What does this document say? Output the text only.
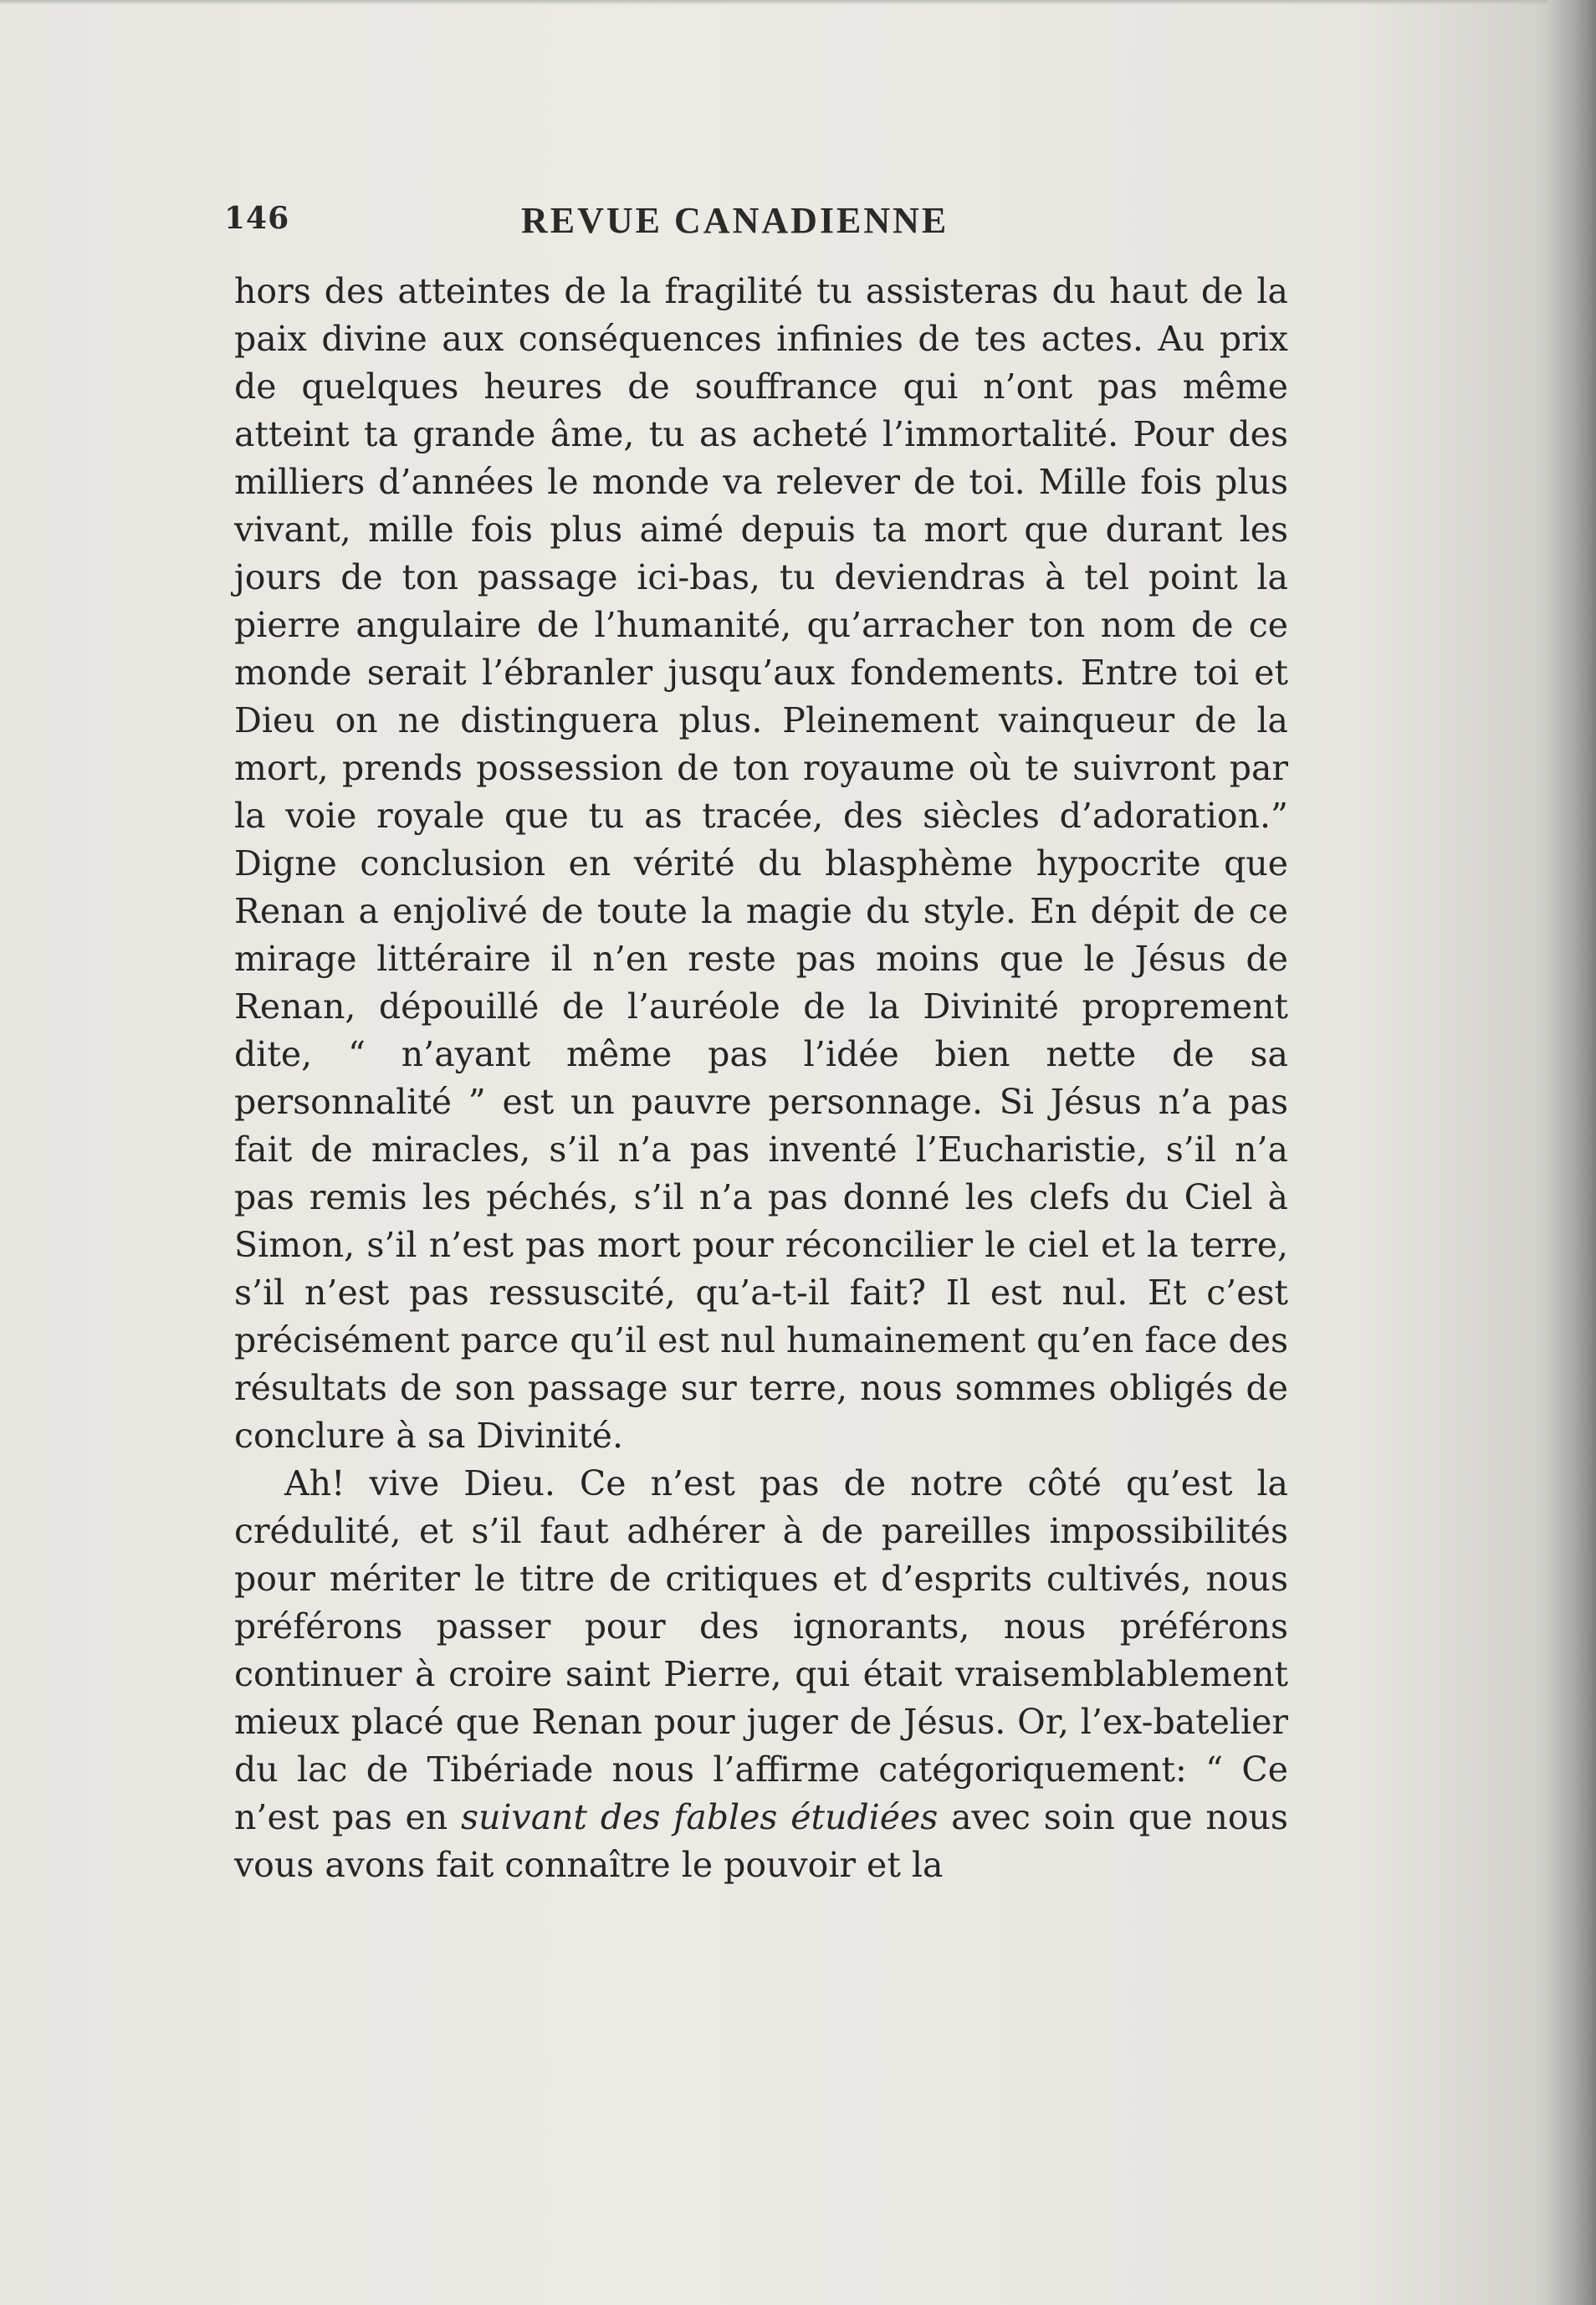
146	REVUE CANADIENNE

hors des atteintes de la fragilité tu assisteras du haut de la paix divine aux conséquences infinies de tes actes. Au prix de quelques heures de souffrance qui n’ont pas même atteint ta grande âme, tu as acheté l’immortalité. Pour des milliers d’années le monde va relever de toi. Mille fois plus vivant, mille fois plus aimé depuis ta mort que durant les jours de ton passage ici-bas, tu deviendras à tel point la pierre angulaire de l’humanité, qu’arracher ton nom de ce monde serait l’ébranler jusqu’aux fondements. Entre toi et Dieu on ne distinguera plus. Pleinement vainqueur de la mort, prends possession de ton royaume où te suivront par la voie royale que tu as tracée, des siècles d’adoration.” Digne conclusion en vérité du blasphème hypocrite que Renan a enjolivé de toute la magie du style. En dépit de ce mirage littéraire il n’en reste pas moins que le Jésus de Renan, dépouillé de l’auréole de la Divinité proprement dite, “ n’ayant même pas l’idée bien nette de sa personnalité ” est un pauvre personnage. Si Jésus n’a pas fait de miracles, s’il n’a pas inventé l’Eucharistie, s’il n’a pas remis les péchés, s’il n’a pas donné les clefs du Ciel à Simon, s’il n’est pas mort pour réconcilier le ciel et la terre, s’il n’est pas ressuscité, qu’a-t-il fait? Il est nul. Et c’est précisément parce qu’il est nul humainement qu’en face des résultats de son passage sur terre, nous sommes obligés de conclure à sa Divinité.

Ah! vive Dieu. Ce n’est pas de notre côté qu’est la crédulité, et s’il faut adhérer à de pareilles impossibilités pour mériter le titre de critiques et d’esprits cultivés, nous préférons passer pour des ignorants, nous préférons continuer à croire saint Pierre, qui était vraisemblablement mieux placé que Renan pour juger de Jésus. Or, l’ex-batelier du lac de Tibériade nous l’affirme catégoriquement: “ Ce n’est pas en suivant des fables étudiées avec soin que nous vous avons fait connaître le pouvoir et la
